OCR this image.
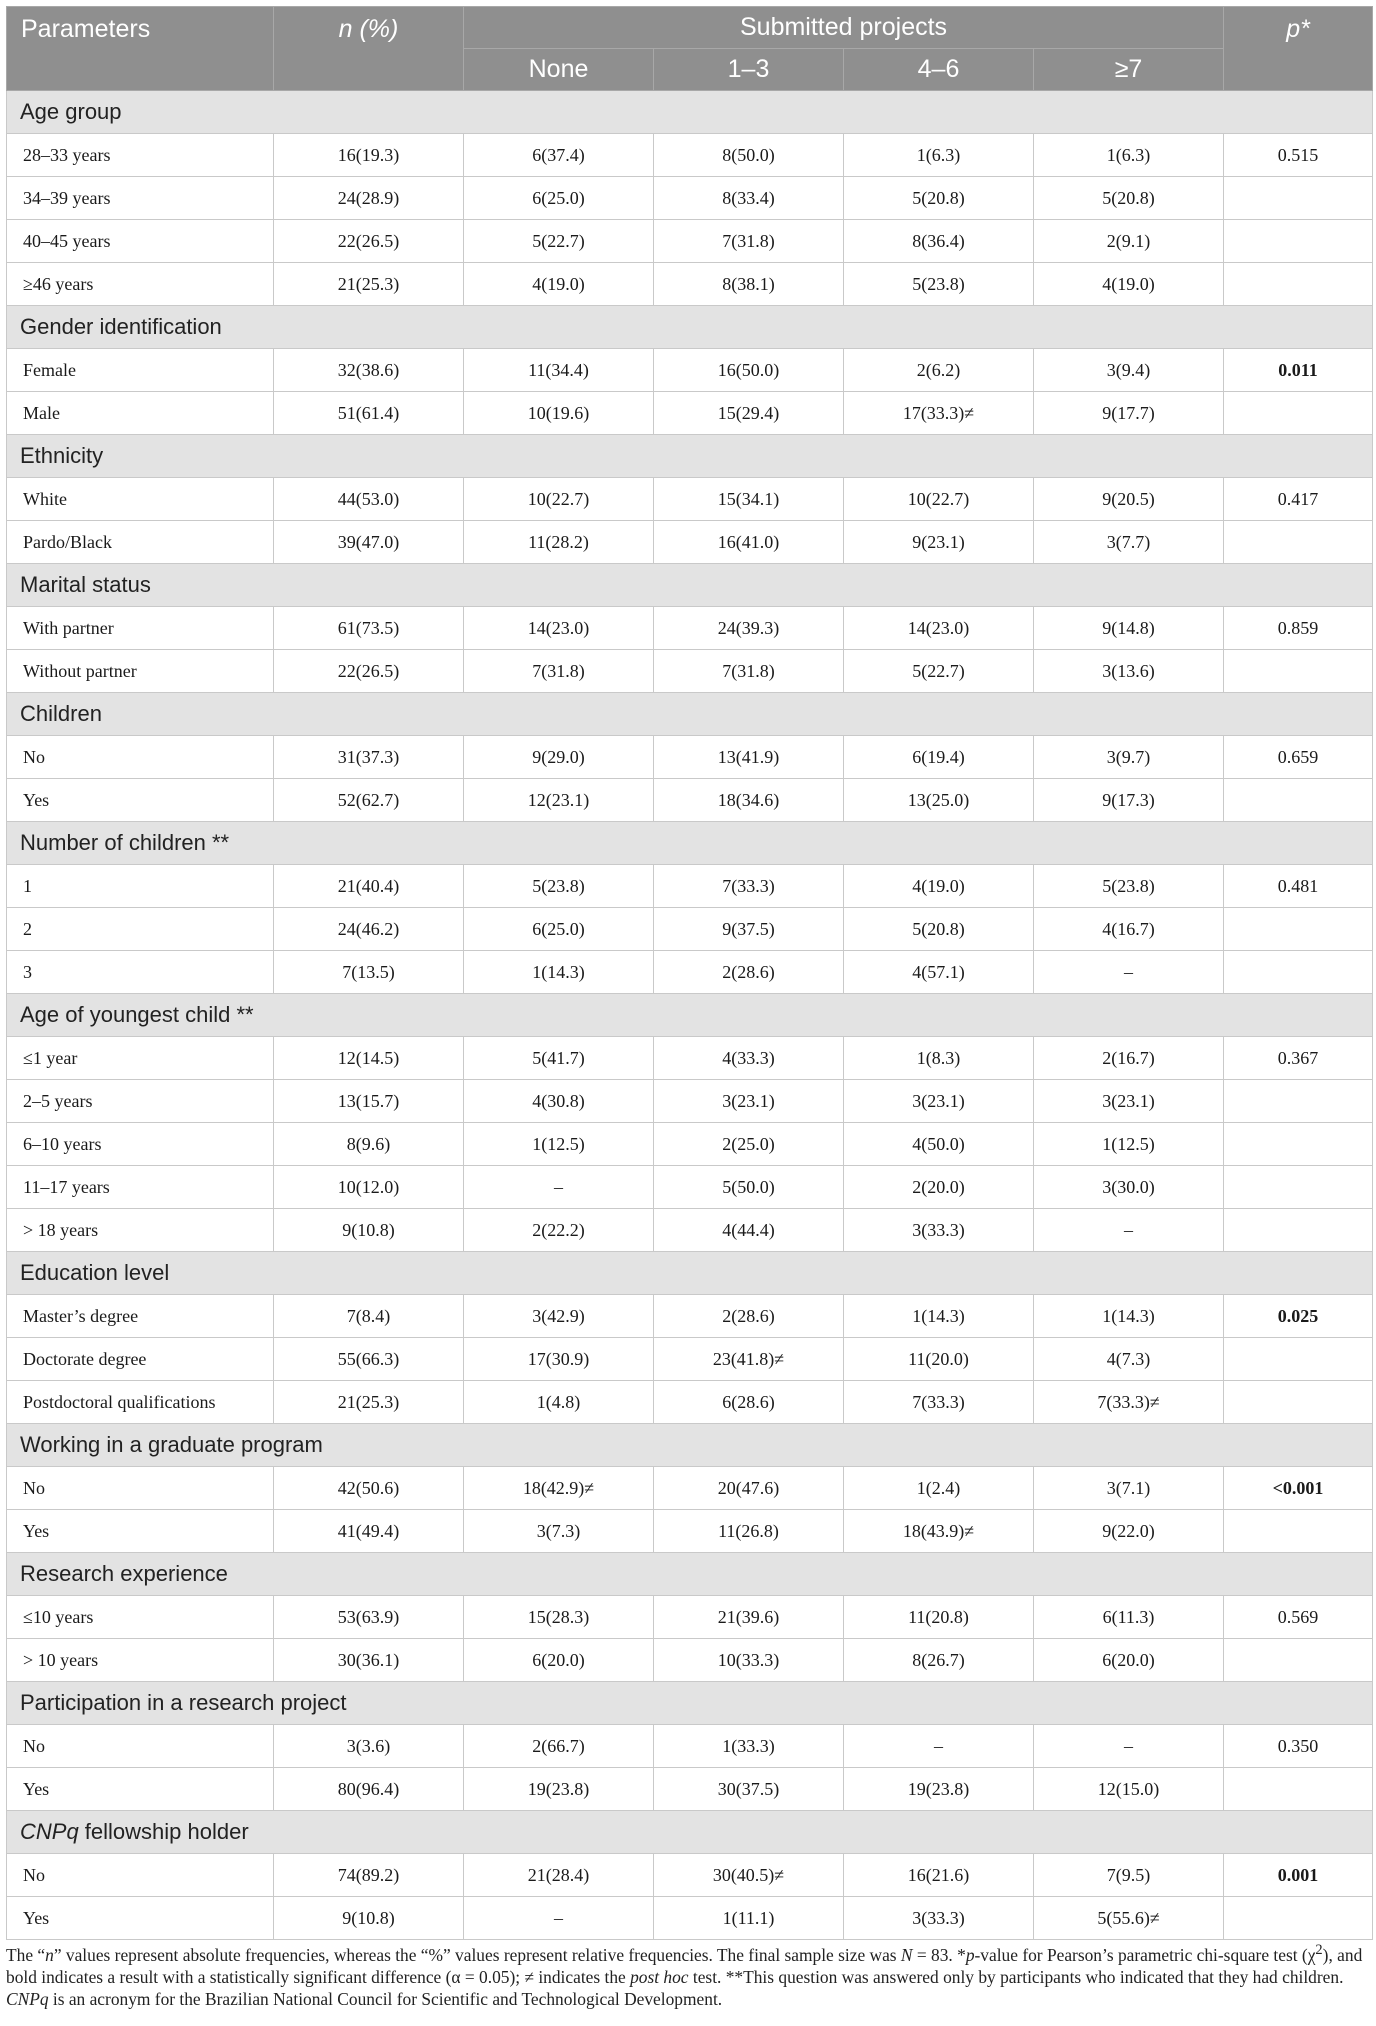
Parameters	n (%)	Submitted projects				p*
		None	1–3	4–6	≥7	
Age group						
28–33 years	16(19.3)	6(37.4)	8(50.0)	1(6.3)	1(6.3)	0.515
34–39 years	24(28.9)	6(25.0)	8(33.4)	5(20.8)	5(20.8)	
40–45 years	22(26.5)	5(22.7)	7(31.8)	8(36.4)	2(9.1)	
≥46 years	21(25.3)	4(19.0)	8(38.1)	5(23.8)	4(19.0)	
Gender identification						
Female	32(38.6)	11(34.4)	16(50.0)	2(6.2)	3(9.4)	0.011
Male	51(61.4)	10(19.6)	15(29.4)	17(33.3)≠	9(17.7)	
Ethnicity						
White	44(53.0)	10(22.7)	15(34.1)	10(22.7)	9(20.5)	0.417
Pardo/Black	39(47.0)	11(28.2)	16(41.0)	9(23.1)	3(7.7)	
Marital status						
With partner	61(73.5)	14(23.0)	24(39.3)	14(23.0)	9(14.8)	0.859
Without partner	22(26.5)	7(31.8)	7(31.8)	5(22.7)	3(13.6)	
Children						
No	31(37.3)	9(29.0)	13(41.9)	6(19.4)	3(9.7)	0.659
Yes	52(62.7)	12(23.1)	18(34.6)	13(25.0)	9(17.3)	
Number of children **						
1	21(40.4)	5(23.8)	7(33.3)	4(19.0)	5(23.8)	0.481
2	24(46.2)	6(25.0)	9(37.5)	5(20.8)	4(16.7)	
3	7(13.5)	1(14.3)	2(28.6)	4(57.1)	–	
Age of youngest child **						
≤1 year	12(14.5)	5(41.7)	4(33.3)	1(8.3)	2(16.7)	0.367
2–5 years	13(15.7)	4(30.8)	3(23.1)	3(23.1)	3(23.1)	
6–10 years	8(9.6)	1(12.5)	2(25.0)	4(50.0)	1(12.5)	
11–17 years	10(12.0)	–	5(50.0)	2(20.0)	3(30.0)	
> 18 years	9(10.8)	2(22.2)	4(44.4)	3(33.3)	–	
Education level						
Master’s degree	7(8.4)	3(42.9)	2(28.6)	1(14.3)	1(14.3)	0.025
Doctorate degree	55(66.3)	17(30.9)	23(41.8)≠	11(20.0)	4(7.3)	
Postdoctoral qualifications	21(25.3)	1(4.8)	6(28.6)	7(33.3)	7(33.3)≠	
Working in a graduate program						
No	42(50.6)	18(42.9)≠	20(47.6)	1(2.4)	3(7.1)	<0.001
Yes	41(49.4)	3(7.3)	11(26.8)	18(43.9)≠	9(22.0)	
Research experience						
≤10 years	53(63.9)	15(28.3)	21(39.6)	11(20.8)	6(11.3)	0.569
> 10 years	30(36.1)	6(20.0)	10(33.3)	8(26.7)	6(20.0)	
Participation in a research project						
No	3(3.6)	2(66.7)	1(33.3)	–	–	0.350
Yes	80(96.4)	19(23.8)	30(37.5)	19(23.8)	12(15.0)	
CNPq fellowship holder						
No	74(89.2)	21(28.4)	30(40.5)≠	16(21.6)	7(9.5)	0.001
Yes	9(10.8)	–	1(11.1)	3(33.3)	5(55.6)≠	
The “n” values represent absolute frequencies, whereas the “%” values represent relative frequencies. The final sample size was N = 83. *p-value for Pearson’s parametric chi-square test $(\chi^2)$, and bold indicates a result with a statistically significant difference (α = 0.05); ≠ indicates the post hoc test. **This question was answered only by participants who indicated that they had children. CNPq is an acronym for the Brazilian National Council for Scientific and Technological Development.
